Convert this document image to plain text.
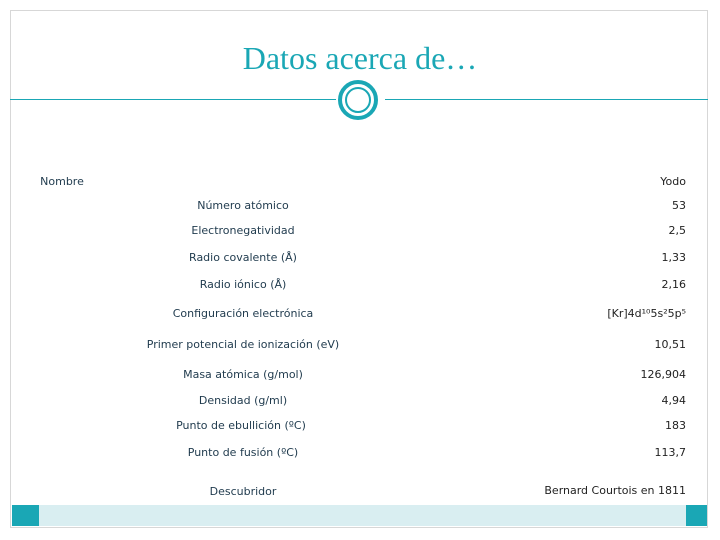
Datos acerca de…
Nombre	Yodo
Número atómico	53
Electronegatividad	2,5
Radio covalente (Å)	1,33
Radio iónico (Å)	2,16
Configuración electrónica	[Kr]4d¹⁰5s²5p⁵
Primer potencial de ionización (eV)	10,51
Masa atómica (g/mol)	126,904
Densidad (g/ml)	4,94
Punto de ebullición (ºC)	183
Punto de fusión (ºC)	113,7
Descubridor	Bernard Courtois en 1811
